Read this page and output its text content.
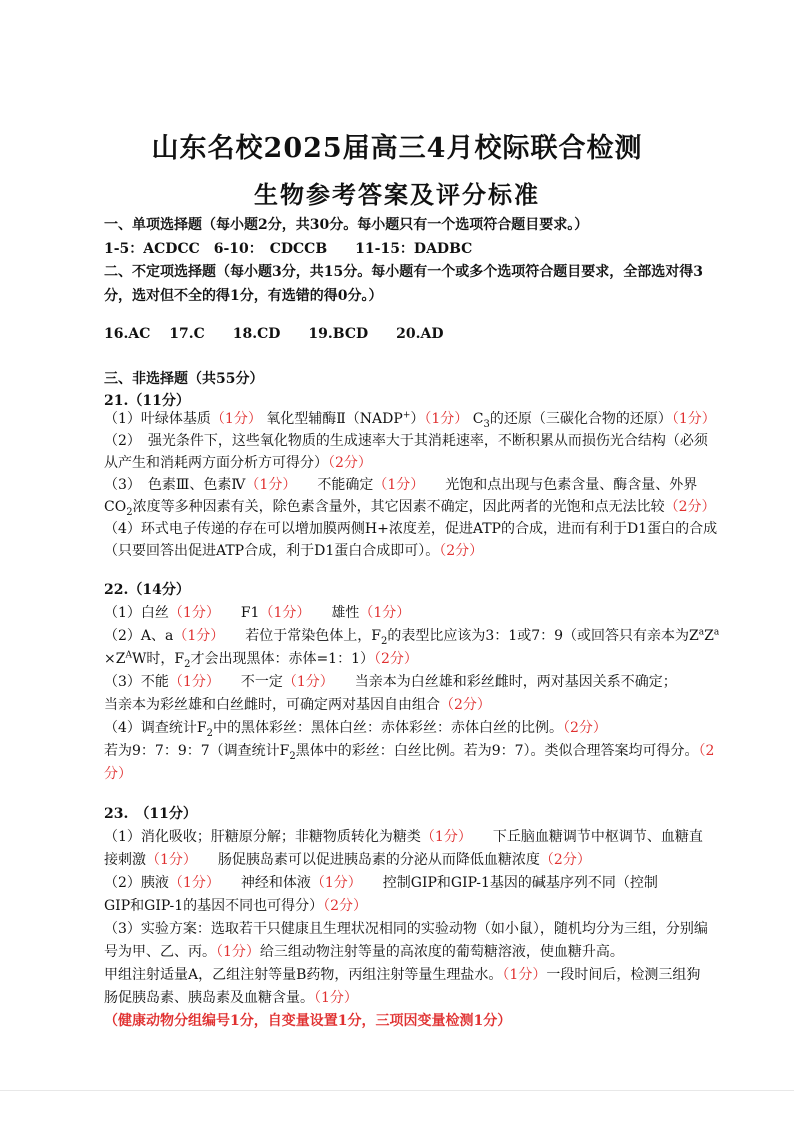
山东名校2025届高三4月校际联合检测
生物参考答案及评分标准
一、单项选择题（每小题2分，共30分。每小题只有一个选项符合题目要求。）
1-5：ACDCC　6-10：　CDCCB　　11-15：DADBC
二、不定项选择题（每小题3分，共15分。每小题有一个或多个选项符合题目要求，全部选对得3
分，选对但不全的得1分，有选错的得0分。）
16.AC　 17.C　　18.CD　　19.BCD　　20.AD
三、非选择题（共55分）
21.（11分）
（1）叶绿体基质（1分） 氧化型辅酶Ⅱ（NADP+）（1分） $C_3$的还原（三碳化合物的还原）（1分）
（2）　强光条件下，这些氧化物质的生成速率大于其消耗速率，不断积累从而损伤光合结构（必须
从产生和消耗两方面分析方可得分）（2分）
（3）　色素Ⅲ、色素Ⅳ（1分）　　不能确定（1分）　　光饱和点出现与色素含量、酶含量、外界
$CO_2$浓度等多种因素有关，除色素含量外，其它因素不确定，因此两者的光饱和点无法比较（2分）
（4）环式电子传递的存在可以增加膜两侧H+浓度差，促进ATP的合成，进而有利于D1蛋白的合成
（只要回答出促进ATP合成，利于D1蛋白合成即可）。（2分）
22.（14分）
（1）白丝（1分）　　F1（1分）　　雄性（1分）
（2）A、a（1分）　　若位于常染色体上，$F_2$的表型比应该为3：1或7：9（或回答只有亲本为$Z^aZ^a$
$\times Z^AW$时，$F_2$才会出现黑体：赤体=1：1）（2分）
（3）不能（1分）　　不一定（1分）　　当亲本为白丝雄和彩丝雌时，两对基因关系不确定；
当亲本为彩丝雄和白丝雌时，可确定两对基因自由组合（2分）
（4）调查统计$F_2$中的黑体彩丝：黑体白丝：赤体彩丝：赤体白丝的比例。（2分）
若为9：7：9：7（调查统计$F_2$黑体中的彩丝：白丝比例。若为9：7）。类似合理答案均可得分。（2
分）
23.　（11分）
（1）消化吸收；肝糖原分解；非糖物质转化为糖类（1分）　　下丘脑血糖调节中枢调节、血糖直
接刺激（1分）　　肠促胰岛素可以促进胰岛素的分泌从而降低血糖浓度（2分）
（2）胰液（1分）　　神经和体液（1分）　　控制GIP和GIP-1基因的碱基序列不同（控制
GIP和GIP-1的基因不同也可得分）（2分）
（3）实验方案：选取若干只健康且生理状况相同的实验动物（如小鼠），随机均分为三组，分别编
号为甲、乙、丙。（1分）给三组动物注射等量的高浓度的葡萄糖溶液，使血糖升高。
甲组注射适量A，乙组注射等量B药物，丙组注射等量生理盐水。（1分）一段时间后，检测三组狗
肠促胰岛素、胰岛素及血糖含量。（1分）
（健康动物分组编号1分，自变量设置1分，三项因变量检测1分）
